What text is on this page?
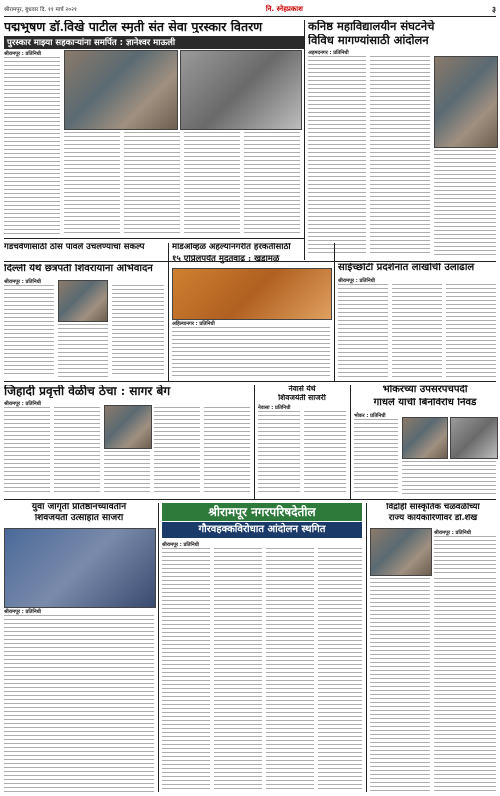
श्रीरामपूर, बुधवार दि. ११ मार्च २०२१	नि. स्नेहप्रकाश	३
पद्मभूषण डॉ.विखे पाटील स्मृती संत सेवा पुरस्कार वितरण
पुरस्कार माझ्या सहकाऱ्यांना समर्पित : ज्ञानेश्वर माऊली
श्रीरामपूर : प्रतिनिधी
कनिष्ठ महाविद्यालयीन संघटनेचे
विविध मागण्यांसाठी आंदोलन
अहमदनगर : प्रतिनिधी
गडचर्वणासाठी ठोस पावले उचलण्याचा संकल्प
दिल्ली येथे छत्रपती शिवरायांना अभिवादन
श्रीरामपूर : प्रतिनिधी
मांडओव्हळ अहल्यानगरीत हरकतीसाठी
१५ एप्रिलपर्यंत मुदतवाढ : खडामळे
अहिल्यानगर : प्रतिनिधी
साईच्छोटी प्रदर्शनात लाखोंची उलाढाल
श्रीरामपूर : प्रतिनिधी
जिहादी प्रवृत्ती वेळीच ठेचा : सागर बेग
श्रीरामपूर : प्रतिनिधी
नेवासे येथे
शिवजयंती साजरी
नेवासा : प्रतिनिधी
भोकरच्या उपसरपंचपदी
गांधले यांची बिनविरोध निवड
भोकर : प्रतिनिधी
युवा जागृती प्रतिष्ठानच्यावतीने
शिवजयंती उत्साहात साजरी
श्रीरामपूर : प्रतिनिधी
श्रीरामपूर नगरपरिषदेतील
गौरवहक्कविरोधात आंदोलन स्थगित
श्रीरामपूर : प्रतिनिधी
विद्रोही सांस्कृतिक चळवळीच्या
राज्य कार्यकारिणीवर डॉ.शेख
श्रीरामपूर : प्रतिनिधी
